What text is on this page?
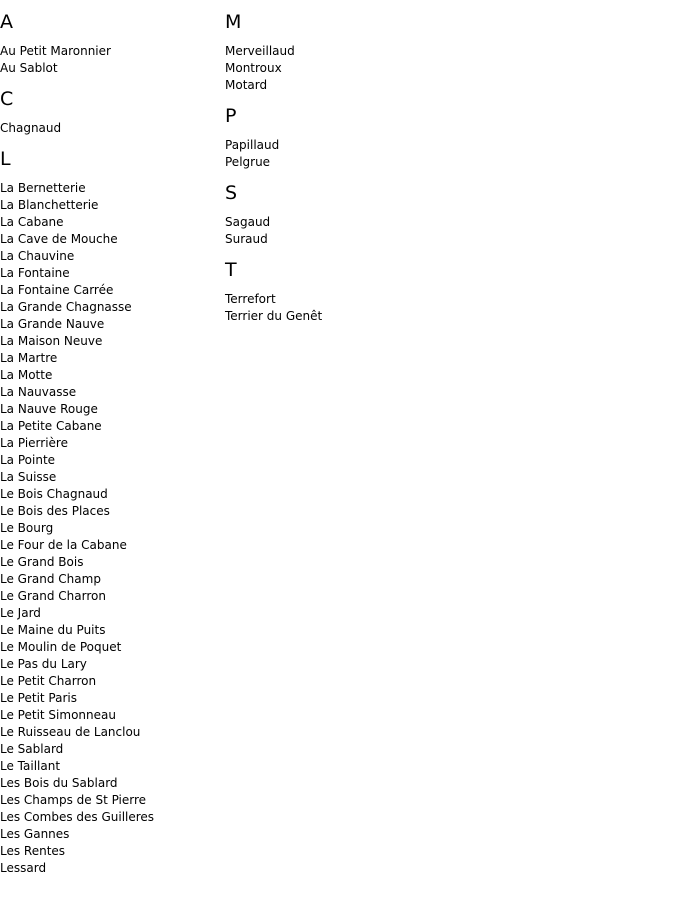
A
Au Petit Maronnier
Au Sablot
C
Chagnaud
L
La Bernetterie
La Blanchetterie
La Cabane
La Cave de Mouche
La Chauvine
La Fontaine
La Fontaine Carrée
La Grande Chagnasse
La Grande Nauve
La Maison Neuve
La Martre
La Motte
La Nauvasse
La Nauve Rouge
La Petite Cabane
La Pierrière
La Pointe
La Suisse
Le Bois Chagnaud
Le Bois des Places
Le Bourg
Le Four de la Cabane
Le Grand Bois
Le Grand Champ
Le Grand Charron
Le Jard
Le Maine du Puits
Le Moulin de Poquet
Le Pas du Lary
Le Petit Charron
Le Petit Paris
Le Petit Simonneau
Le Ruisseau de Lanclou
Le Sablard
Le Taillant
Les Bois du Sablard
Les Champs de St Pierre
Les Combes des Guilleres
Les Gannes
Les Rentes
Lessard
M
Merveillaud
Montroux
Motard
P
Papillaud
Pelgrue
S
Sagaud
Suraud
T
Terrefort
Terrier du Genêt
